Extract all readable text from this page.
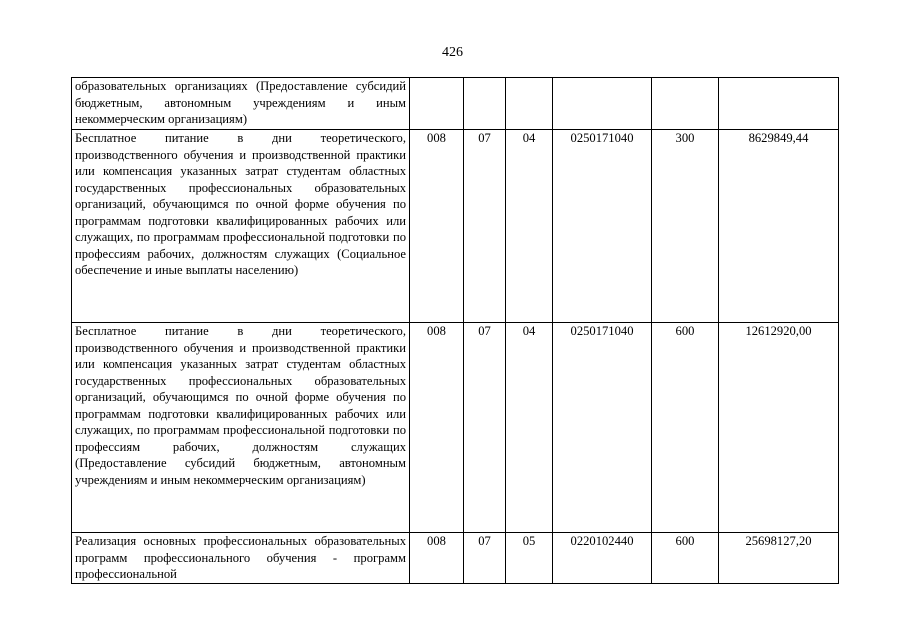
426
образовательных организациях (Предоставление субсидий бюджетным, автономным учреждениям и иным некоммерческим организациям)						
Бесплатное питание в дни теоретического, производственного обучения и производственной практики или компенсация указанных затрат студентам областных государственных профессиональных образовательных организаций, обучающимся по очной форме обучения по программам подготовки квалифицированных рабочих или служащих, по программам профессиональной подготовки по профессиям рабочих, должностям служащих (Социальное обеспечение и иные выплаты населению)	008	07	04	0250171040	300	8629849,44
Бесплатное питание в дни теоретического, производственного обучения и производственной практики или компенсация указанных затрат студентам областных государственных профессиональных образовательных организаций, обучающимся по очной форме обучения по программам подготовки квалифицированных рабочих или служащих, по программам профессиональной подготовки по профессиям рабочих, должностям служащих (Предоставление субсидий бюджетным, автономным учреждениям и иным некоммерческим организациям)	008	07	04	0250171040	600	12612920,00
Реализация основных профессиональных образовательных программ профессионального обучения - программ профессиональной	008	07	05	0220102440	600	25698127,20
